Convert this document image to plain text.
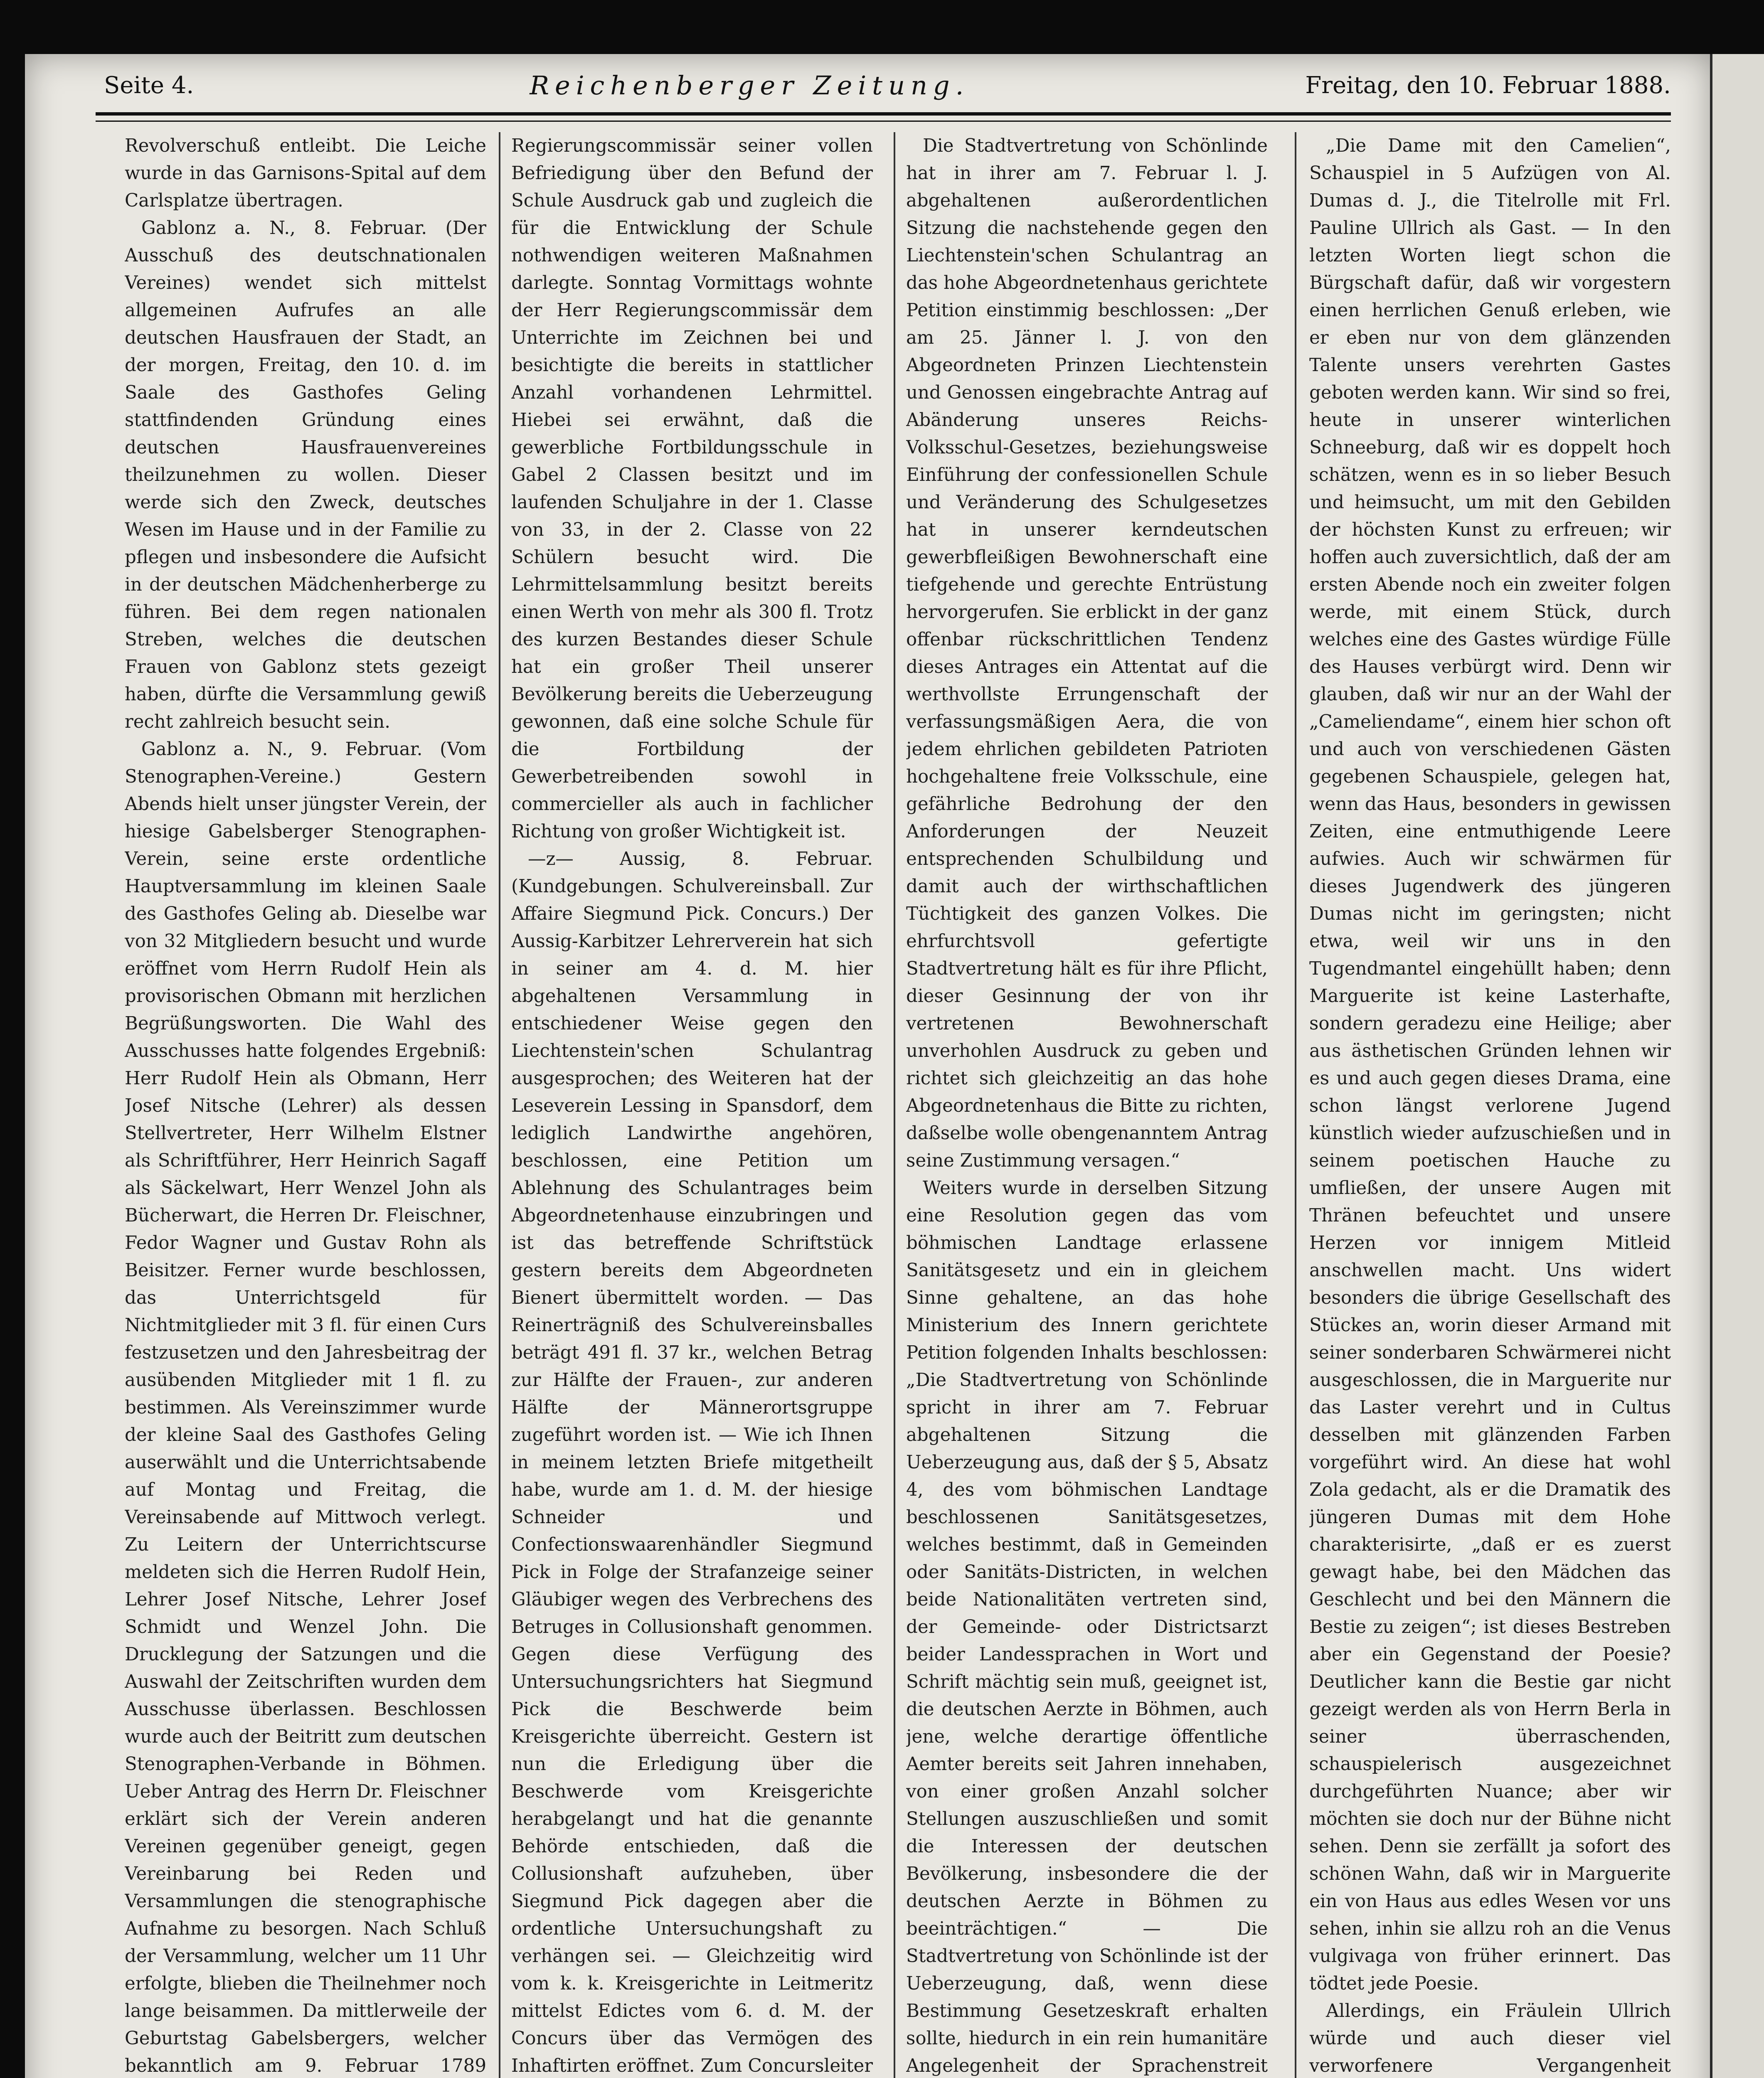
Seite 4.	Reichenberger Zeitung.	Freitag, den 10. Februar 1888.

Revolverschuß entleibt. Die Leiche wurde in das Garnisons-Spital auf dem Carlsplatze übertragen.

Gablonz a. N., 8. Februar. (Der Ausschuß des deutschnationalen Vereines) wendet sich mittelst allgemeinen Aufrufes an alle deutschen Hausfrauen der Stadt, an der morgen, Freitag, den 10. d. im Saale des Gasthofes Geling stattfindenden Gründung eines deutschen Hausfrauenvereines theilzunehmen zu wollen. Dieser werde sich den Zweck, deutsches Wesen im Hause und in der Familie zu pflegen und insbesondere die Aufsicht in der deutschen Mädchenherberge zu führen. Bei dem regen nationalen Streben, welches die deutschen Frauen von Gablonz stets gezeigt haben, dürfte die Versammlung gewiß recht zahlreich besucht sein.

Gablonz a. N., 9. Februar. (Vom Stenographen-Vereine.) Gestern Abends hielt unser jüngster Verein, der hiesige Gabelsberger Stenographen-Verein, seine erste ordentliche Hauptversammlung im kleinen Saale des Gasthofes Geling ab. Dieselbe war von 32 Mitgliedern besucht und wurde eröffnet vom Herrn Rudolf Hein als provisorischen Obmann mit herzlichen Begrüßungsworten. Die Wahl des Ausschusses hatte folgendes Ergebniß: Herr Rudolf Hein als Obmann, Herr Josef Nitsche (Lehrer) als dessen Stellvertreter, Herr Wilhelm Elstner als Schriftführer, Herr Heinrich Sagaff als Säckelwart, Herr Wenzel John als Bücherwart, die Herren Dr. Fleischner, Fedor Wagner und Gustav Rohn als Beisitzer. Ferner wurde beschlossen, das Unterrichtsgeld für Nichtmitglieder mit 3 fl. für einen Curs festzusetzen und den Jahresbeitrag der ausübenden Mitglieder mit 1 fl. zu bestimmen. Als Vereinszimmer wurde der kleine Saal des Gasthofes Geling auserwählt und die Unterrichtsabende auf Montag und Freitag, die Vereinsabende auf Mittwoch verlegt. Zu Leitern der Unterrichtscurse meldeten sich die Herren Rudolf Hein, Lehrer Josef Nitsche, Lehrer Josef Schmidt und Wenzel John. Die Drucklegung der Satzungen und die Auswahl der Zeitschriften wurden dem Ausschusse überlassen. Beschlossen wurde auch der Beitritt zum deutschen Stenographen-Verbande in Böhmen. Ueber Antrag des Herrn Dr. Fleischner erklärt sich der Verein anderen Vereinen gegenüber geneigt, gegen Vereinbarung bei Reden und Versammlungen die stenographische Aufnahme zu besorgen. Nach Schluß der Versammlung, welcher um 11 Uhr erfolgte, blieben die Theilnehmer noch lange beisammen. Da mittlerweile der Geburtstag Gabelsbergers, welcher bekanntlich am 9. Februar 1789

Regierungscommissär seiner vollen Befriedigung über den Befund der Schule Ausdruck gab und zugleich die für die Entwicklung der Schule nothwendigen weiteren Maßnahmen darlegte. Sonntag Vormittags wohnte der Herr Regierungscommissär dem Unterrichte im Zeichnen bei und besichtigte die bereits in stattlicher Anzahl vorhandenen Lehrmittel. Hiebei sei erwähnt, daß die gewerbliche Fortbildungsschule in Gabel 2 Classen besitzt und im laufenden Schuljahre in der 1. Classe von 33, in der 2. Classe von 22 Schülern besucht wird. Die Lehrmittelsammlung besitzt bereits einen Werth von mehr als 300 fl. Trotz des kurzen Bestandes dieser Schule hat ein großer Theil unserer Bevölkerung bereits die Ueberzeugung gewonnen, daß eine solche Schule für die Fortbildung der Gewerbetreibenden sowohl in commercieller als auch in fachlicher Richtung von großer Wichtigkeit ist.

—z— Aussig, 8. Februar. (Kundgebungen. Schulvereinsball. Zur Affaire Siegmund Pick. Concurs.) Der Aussig-Karbitzer Lehrerverein hat sich in seiner am 4. d. M. hier abgehaltenen Versammlung in entschiedener Weise gegen den Liechtenstein'schen Schulantrag ausgesprochen; des Weiteren hat der Leseverein Lessing in Spansdorf, dem lediglich Landwirthe angehören, beschlossen, eine Petition um Ablehnung des Schulantrages beim Abgeordnetenhause einzubringen und ist das betreffende Schriftstück gestern bereits dem Abgeordneten Bienert übermittelt worden. — Das Reinerträgniß des Schulvereinsballes beträgt 491 fl. 37 kr., welchen Betrag zur Hälfte der Frauen-, zur anderen Hälfte der Männerortsgruppe zugeführt worden ist. — Wie ich Ihnen in meinem letzten Briefe mitgetheilt habe, wurde am 1. d. M. der hiesige Schneider und Confectionswaarenhändler Siegmund Pick in Folge der Strafanzeige seiner Gläubiger wegen des Verbrechens des Betruges in Collusionshaft genommen. Gegen diese Verfügung des Untersuchungsrichters hat Siegmund Pick die Beschwerde beim Kreisgerichte überreicht. Gestern ist nun die Erledigung über die Beschwerde vom Kreisgerichte herabgelangt und hat die genannte Behörde entschieden, daß die Collusionshaft aufzuheben, über Siegmund Pick dagegen aber die ordentliche Untersuchungshaft zu verhängen sei. — Gleichzeitig wird vom k. k. Kreisgerichte in Leitmeritz mittelst Edictes vom 6. d. M. der Concurs über das Vermögen des Inhaftirten eröffnet. Zum Concursleiter

Die Stadtvertretung von Schönlinde hat in ihrer am 7. Februar l. J. abgehaltenen außerordentlichen Sitzung die nachstehende gegen den Liechtenstein'schen Schulantrag an das hohe Abgeordnetenhaus gerichtete Petition einstimmig beschlossen: „Der am 25. Jänner l. J. von den Abgeordneten Prinzen Liechtenstein und Genossen eingebrachte Antrag auf Abänderung unseres Reichs-Volksschul-Gesetzes, beziehungsweise Einführung der confessionellen Schule und Veränderung des Schulgesetzes hat in unserer kerndeutschen gewerbfleißigen Bewohnerschaft eine tiefgehende und gerechte Entrüstung hervorgerufen. Sie erblickt in der ganz offenbar rückschrittlichen Tendenz dieses Antrages ein Attentat auf die werthvollste Errungenschaft der verfassungsmäßigen Aera, die von jedem ehrlichen gebildeten Patrioten hochgehaltene freie Volksschule, eine gefährliche Bedrohung der den Anforderungen der Neuzeit entsprechenden Schulbildung und damit auch der wirthschaftlichen Tüchtigkeit des ganzen Volkes. Die ehrfurchtsvoll gefertigte Stadtvertretung hält es für ihre Pflicht, dieser Gesinnung der von ihr vertretenen Bewohnerschaft unverhohlen Ausdruck zu geben und richtet sich gleichzeitig an das hohe Abgeordnetenhaus die Bitte zu richten, daßselbe wolle obengenanntem Antrag seine Zustimmung versagen.“

Weiters wurde in derselben Sitzung eine Resolution gegen das vom böhmischen Landtage erlassene Sanitätsgesetz und ein in gleichem Sinne gehaltene, an das hohe Ministerium des Innern gerichtete Petition folgenden Inhalts beschlossen: „Die Stadtvertretung von Schönlinde spricht in ihrer am 7. Februar abgehaltenen Sitzung die Ueberzeugung aus, daß der § 5, Absatz 4, des vom böhmischen Landtage beschlossenen Sanitätsgesetzes, welches bestimmt, daß in Gemeinden oder Sanitäts-Districten, in welchen beide Nationalitäten vertreten sind, der Gemeinde- oder Districtsarzt beider Landessprachen in Wort und Schrift mächtig sein muß, geeignet ist, die deutschen Aerzte in Böhmen, auch jene, welche derartige öffentliche Aemter bereits seit Jahren innehaben, von einer großen Anzahl solcher Stellungen auszuschließen und somit die Interessen der deutschen Bevölkerung, insbesondere die der deutschen Aerzte in Böhmen zu beeinträchtigen.“ — Die Stadtvertretung von Schönlinde ist der Ueberzeugung, daß, wenn diese Bestimmung Gesetzeskraft erhalten sollte, hiedurch in ein rein humanitäre Angelegenheit der Sprachenstreit

„Die Dame mit den Camelien“, Schauspiel in 5 Aufzügen von Al. Dumas d. J., die Titelrolle mit Frl. Pauline Ullrich als Gast. — In den letzten Worten liegt schon die Bürgschaft dafür, daß wir vorgestern einen herrlichen Genuß erleben, wie er eben nur von dem glänzenden Talente unsers verehrten Gastes geboten werden kann. Wir sind so frei, heute in unserer winterlichen Schneeburg, daß wir es doppelt hoch schätzen, wenn es in so lieber Besuch und heimsucht, um mit den Gebilden der höchsten Kunst zu erfreuen; wir hoffen auch zuversichtlich, daß der am ersten Abende noch ein zweiter folgen werde, mit einem Stück, durch welches eine des Gastes würdige Fülle des Hauses verbürgt wird. Denn wir glauben, daß wir nur an der Wahl der „Cameliendame“, einem hier schon oft und auch von verschiedenen Gästen gegebenen Schauspiele, gelegen hat, wenn das Haus, besonders in gewissen Zeiten, eine entmuthigende Leere aufwies. Auch wir schwärmen für dieses Jugendwerk des jüngeren Dumas nicht im geringsten; nicht etwa, weil wir uns in den Tugendmantel eingehüllt haben; denn Marguerite ist keine Lasterhafte, sondern geradezu eine Heilige; aber aus ästhetischen Gründen lehnen wir es und auch gegen dieses Drama, eine schon längst verlorene Jugend künstlich wieder aufzuschießen und in seinem poetischen Hauche zu umfließen, der unsere Augen mit Thränen befeuchtet und unsere Herzen vor innigem Mitleid anschwellen macht. Uns widert besonders die übrige Gesellschaft des Stückes an, worin dieser Armand mit seiner sonderbaren Schwärmerei nicht ausgeschlossen, die in Marguerite nur das Laster verehrt und in Cultus desselben mit glänzenden Farben vorgeführt wird. An diese hat wohl Zola gedacht, als er die Dramatik des jüngeren Dumas mit dem Hohe charakterisirte, „daß er es zuerst gewagt habe, bei den Mädchen das Geschlecht und bei den Männern die Bestie zu zeigen“; ist dieses Bestreben aber ein Gegenstand der Poesie? Deutlicher kann die Bestie gar nicht gezeigt werden als von Herrn Berla in seiner überraschenden, schauspielerisch ausgezeichnet durchgeführten Nuance; aber wir möchten sie doch nur der Bühne nicht sehen. Denn sie zerfällt ja sofort des schönen Wahn, daß wir in Marguerite ein von Haus aus edles Wesen vor uns sehen, inhin sie allzu roh an die Venus vulgivaga von früher erinnert. Das tödtet jede Poesie.

Allerdings, ein Fräulein Ullrich würde und auch dieser viel verworfenere Vergangenheit
